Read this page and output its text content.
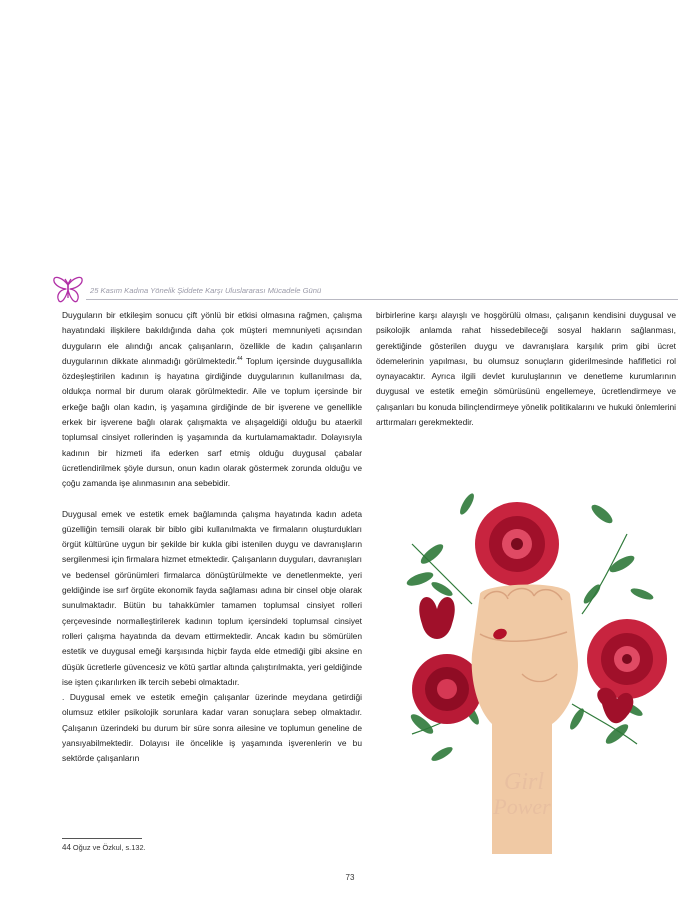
25 Kasım Kadına Yönelik Şiddete Karşı Uluslararası Mücadele Günü

Duyguların bir etkileşim sonucu çift yönlü bir etkisi olmasına rağmen, çalışma hayatındaki ilişkilere bakıldığında daha çok müşteri memnuniyeti açısından duyguların ele alındığı ancak çalışanların, özellikle de kadın çalışanların duygularının dikkate alınmadığı görülmektedir.$^{44}$ Toplum içersinde duygusallıkla özdeşleştirilen kadının iş hayatına girdiğinde duygularının kullanılması da, oldukça normal bir durum olarak görülmektedir. Aile ve toplum içersinde bir erkeğe bağlı olan kadın, iş yaşamına girdiğinde de bir işverene ve genellikle erkek bir işverene bağlı olarak çalışmakta ve alışageldiği olduğu bu ataerkil toplumsal cinsiyet rollerinden iş yaşamında da kurtulamamaktadır. Dolayısıyla kadının bir hizmeti ifa ederken sarf etmiş olduğu duygusal çabalar ücretlendirilmek şöyle dursun, onun kadın olarak göstermek zorunda olduğu ve çoğu zamanda işe alınmasının ana sebebidir.

Duygusal emek ve estetik emek bağlamında çalışma hayatında kadın adeta güzelliğin temsili olarak bir biblo gibi kullanılmakta ve firmaların oluşturdukları örgüt kültürüne uygun bir şekilde bir kukla gibi istenilen duygu ve davranışların sergilenmesi için firmalara hizmet etmektedir. Çalışanların duyguları, davranışları ve bedensel görünümleri firmalarca dönüştürülmekte ve denetlenmekte, yeri geldiğinde ise sırf örgüte ekonomik fayda sağlaması adına bir cinsel obje olarak sunulmaktadır. Bütün bu tahakkümler tamamen toplumsal cinsiyet rolleri çerçevesinde normalleştirilerek kadının toplum içersindeki toplumsal cinsiyet rolleri çalışma hayatında da devam ettirmektedir. Ancak kadın bu sömürülen estetik ve duygusal emeği karşısında hiçbir fayda elde etmediği gibi aksine en düşük ücretlerle güvencesiz ve kötü şartlar altında çalıştırılmakta, yeri geldiğinde ise işten çıkarılırken ilk tercih sebebi olmaktadır.

. Duygusal emek ve estetik emeğin çalışanlar üzerinde meydana getirdiği olumsuz etkiler psikolojik sorunlara kadar varan sonuçlara sebep olmaktadır. Çalışanın üzerindeki bu durum bir süre sonra ailesine ve toplumun geneline de yansıyabilmektedir. Dolayısı ile öncelikle iş yaşamında işverenlerin ve bu sektörde çalışanların

birbirlerine karşı alayışlı ve hoşgörülü olması, çalışanın kendisini duygusal ve psikolojik anlamda rahat hissedebileceği sosyal hakların sağlanması, gerektiğinde gösterilen duygu ve davranışlara karşılık prim gibi ücret ödemelerinin yapılması, bu olumsuz sonuçların giderilmesinde hafifletici rol oynayacaktır. Ayrıca ilgili devlet kuruluşlarının ve denetleme kurumlarının duygusal ve estetik emeğin sömürüsünü engellemeye, ücretlendirmeye ve çalışanları bu konuda bilinçlendirmeye yönelik politikalarını ve hukuki önlemlerini arttırmaları gerekmektedir.

Girl
Power
44 Oğuz ve Özkul, s.132.
73
